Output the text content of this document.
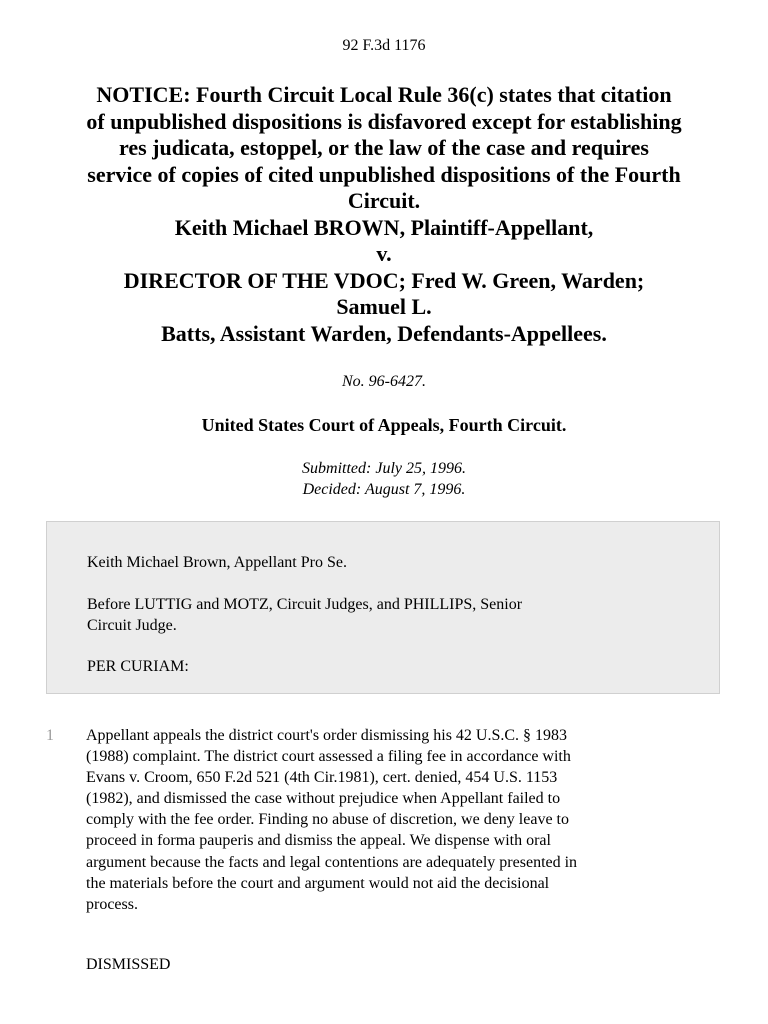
92 F.3d 1176
NOTICE: Fourth Circuit Local Rule 36(c) states that citation
of unpublished dispositions is disfavored except for establishing
res judicata, estoppel, or the law of the case and requires
service of copies of cited unpublished dispositions of the Fourth
Circuit.
Keith Michael BROWN, Plaintiff-Appellant,
v.
DIRECTOR OF THE VDOC; Fred W. Green, Warden;
Samuel L.
Batts, Assistant Warden, Defendants-Appellees.
No. 96-6427.
United States Court of Appeals, Fourth Circuit.
Submitted: July 25, 1996.
Decided: August 7, 1996.
Keith Michael Brown, Appellant Pro Se.
Before LUTTIG and MOTZ, Circuit Judges, and PHILLIPS, Senior
Circuit Judge.
PER CURIAM:
1 Appellant appeals the district court's order dismissing his 42 U.S.C. § 1983
(1988) complaint. The district court assessed a filing fee in accordance with
Evans v. Croom, 650 F.2d 521 (4th Cir.1981), cert. denied, 454 U.S. 1153
(1982), and dismissed the case without prejudice when Appellant failed to
comply with the fee order. Finding no abuse of discretion, we deny leave to
proceed in forma pauperis and dismiss the appeal. We dispense with oral
argument because the facts and legal contentions are adequately presented in
the materials before the court and argument would not aid the decisional
process.
DISMISSED
